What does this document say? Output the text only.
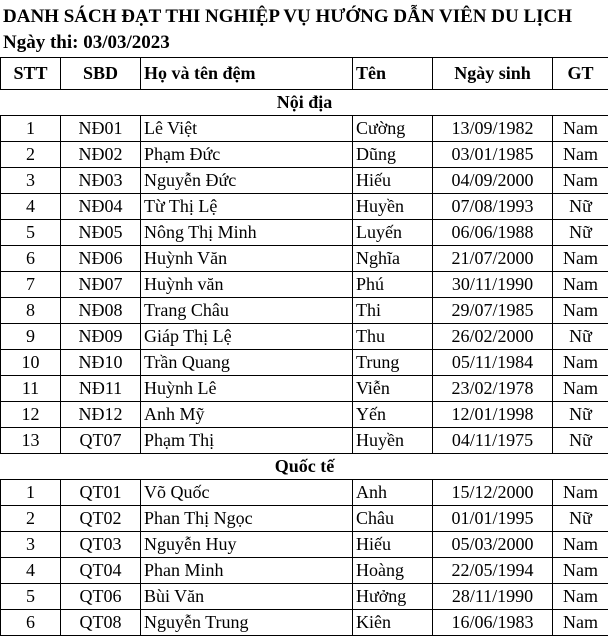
DANH SÁCH ĐẠT THI NGHIỆP VỤ HƯỚNG DẪN VIÊN DU LỊCH
Ngày thi: 03/03/2023
STT	SBD	Họ và tên đệm	Tên	Ngày sinh	GT
Nội địa					
1	NĐ01	Lê Việt	Cường	13/09/1982	Nam
2	NĐ02	Phạm Đức	Dũng	03/01/1985	Nam
3	NĐ03	Nguyễn Đức	Hiếu	04/09/2000	Nam
4	NĐ04	Từ Thị Lệ	Huyền	07/08/1993	Nữ
5	NĐ05	Nông Thị Minh	Luyến	06/06/1988	Nữ
6	NĐ06	Huỳnh Văn	Nghĩa	21/07/2000	Nam
7	NĐ07	Huỳnh văn	Phú	30/11/1990	Nam
8	NĐ08	Trang Châu	Thi	29/07/1985	Nam
9	NĐ09	Giáp Thị Lệ	Thu	26/02/2000	Nữ
10	NĐ10	Trần Quang	Trung	05/11/1984	Nam
11	NĐ11	Huỳnh Lê	Viễn	23/02/1978	Nam
12	NĐ12	Anh Mỹ	Yến	12/01/1998	Nữ
13	QT07	Phạm Thị	Huyền	04/11/1975	Nữ
Quốc tế					
1	QT01	Võ Quốc	Anh	15/12/2000	Nam
2	QT02	Phan Thị Ngọc	Châu	01/01/1995	Nữ
3	QT03	Nguyễn Huy	Hiếu	05/03/2000	Nam
4	QT04	Phan Minh	Hoàng	22/05/1994	Nam
5	QT06	Bùi Văn	Hưởng	28/11/1990	Nam
6	QT08	Nguyễn Trung	Kiên	16/06/1983	Nam
